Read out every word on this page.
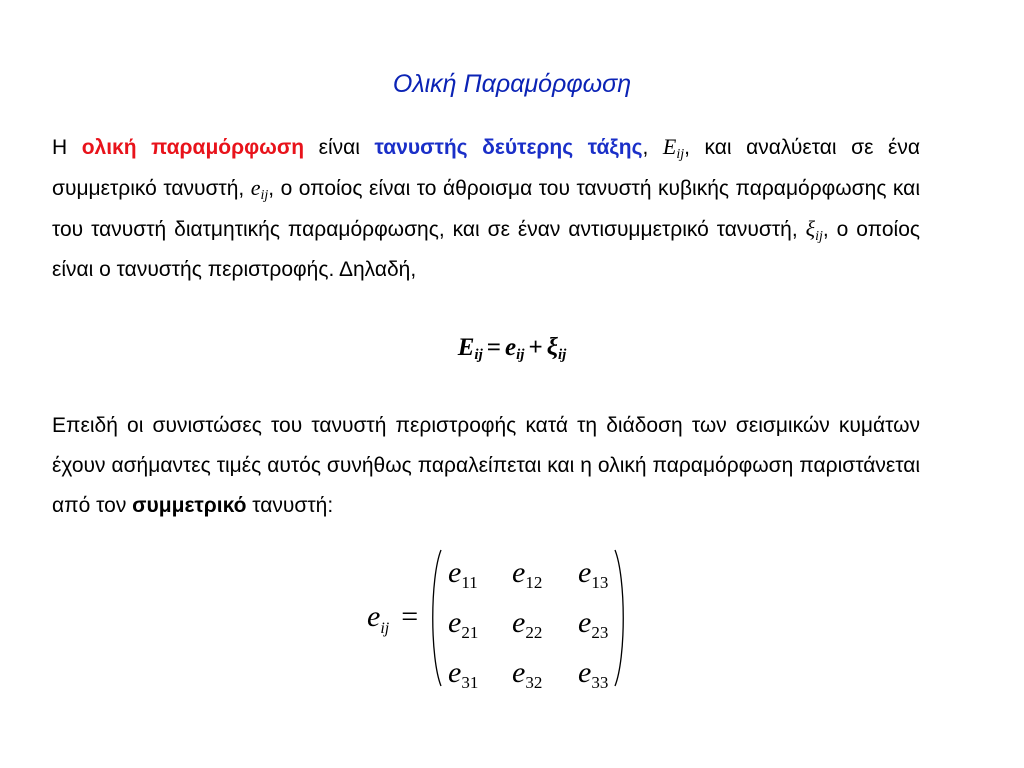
Ολική Παραμόρφωση
Η ολική παραμόρφωση είναι τανυστής δεύτερης τάξης, $E_{ij}$, και αναλύεται σε ένα συμμετρικό τανυστή, $e_{ij}$, ο οποίος είναι το άθροισμα του τανυστή κυβικής παραμόρφωσης και του τανυστή διατμητικής παραμόρφωσης, και σε έναν αντισυμμετρικό τανυστή, $\xi_{ij}$, ο οποίος είναι ο τανυστής περιστροφής. Δηλαδή,
$E_{ij} = e_{ij} + \xi_{ij}$
Επειδή οι συνιστώσες του τανυστή περιστροφής κατά τη διάδοση των σεισμικών κυμάτων έχουν ασήμαντες τιμές αυτός συνήθως παραλείπεται και η ολική παραμόρφωση παριστάνεται από τον συμμετρικό τανυστή:
$e_{ij}$ =
$e_{11}$ $e_{12}$ $e_{13}$
$e_{21}$ $e_{22}$ $e_{23}$
$e_{31}$ $e_{32}$ $e_{33}$
